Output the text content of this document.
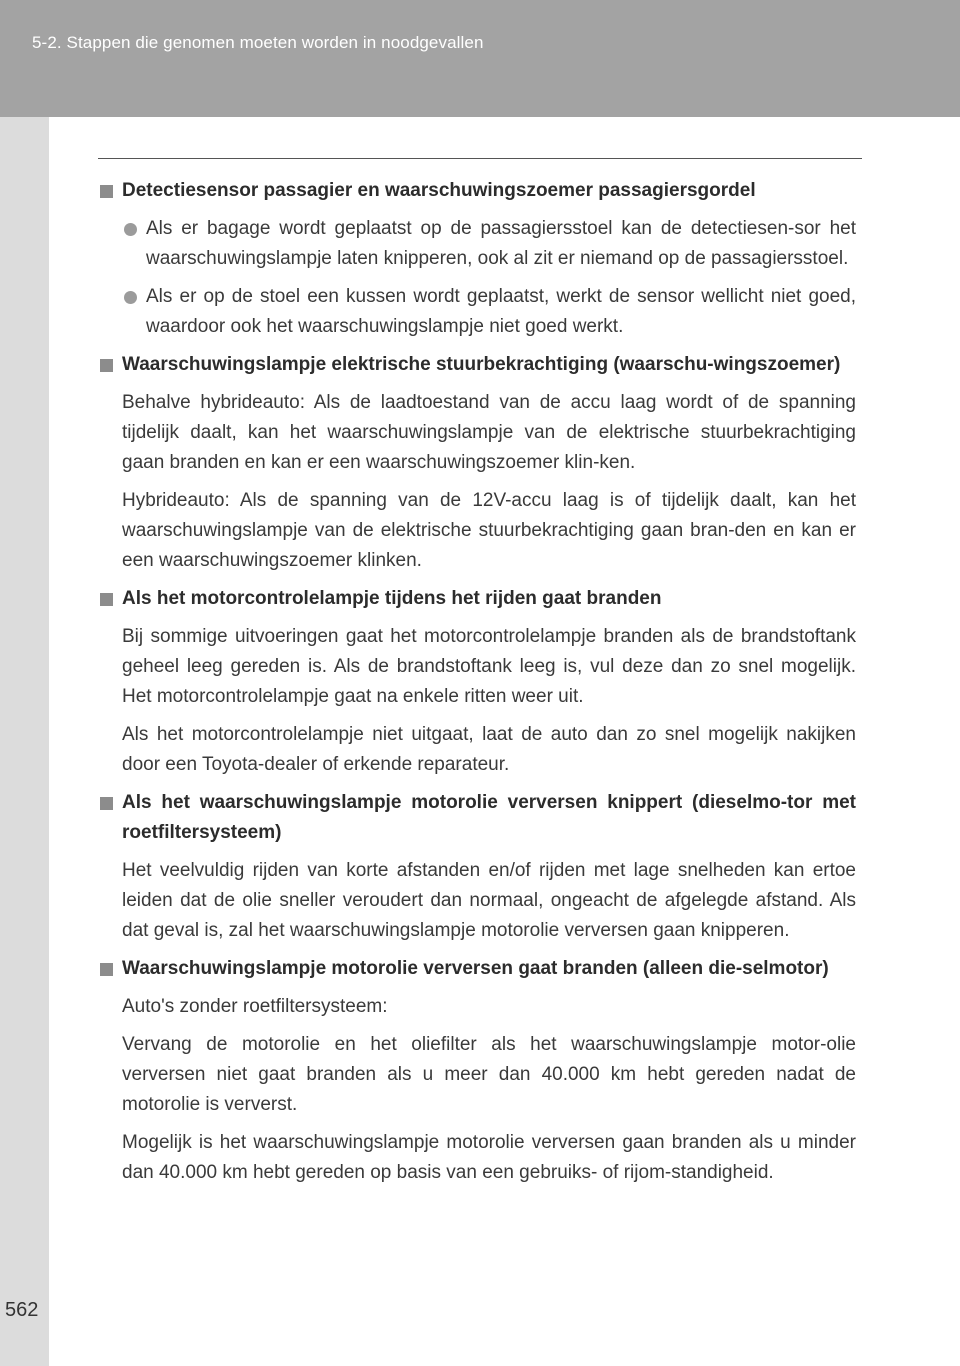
5-2. Stappen die genomen moeten worden in noodgevallen
562
Detectiesensor passagier en waarschuwingszoemer passagiersgordel
Als er bagage wordt geplaatst op de passagiersstoel kan de detectiesen-sor het waarschuwingslampje laten knipperen, ook al zit er niemand op de passagiersstoel.
Als er op de stoel een kussen wordt geplaatst, werkt de sensor wellicht niet goed, waardoor ook het waarschuwingslampje niet goed werkt.
Waarschuwingslampje elektrische stuurbekrachtiging (waarschu-wingszoemer)
Behalve hybrideauto: Als de laadtoestand van de accu laag wordt of de spanning tijdelijk daalt, kan het waarschuwingslampje van de elektrische stuurbekrachtiging gaan branden en kan er een waarschuwingszoemer klin-ken.
Hybrideauto: Als de spanning van de 12V-accu laag is of tijdelijk daalt, kan het waarschuwingslampje van de elektrische stuurbekrachtiging gaan bran-den en kan er een waarschuwingszoemer klinken.
Als het motorcontrolelampje tijdens het rijden gaat branden
Bij sommige uitvoeringen gaat het motorcontrolelampje branden als de brandstoftank geheel leeg gereden is. Als de brandstoftank leeg is, vul deze dan zo snel mogelijk. Het motorcontrolelampje gaat na enkele ritten weer uit.
Als het motorcontrolelampje niet uitgaat, laat de auto dan zo snel mogelijk nakijken door een Toyota-dealer of erkende reparateur.
Als het waarschuwingslampje motorolie verversen knippert (dieselmo-tor met roetfiltersysteem)
Het veelvuldig rijden van korte afstanden en/of rijden met lage snelheden kan ertoe leiden dat de olie sneller veroudert dan normaal, ongeacht de afgelegde afstand. Als dat geval is, zal het waarschuwingslampje motorolie verversen gaan knipperen.
Waarschuwingslampje motorolie verversen gaat branden (alleen die-selmotor)
Auto's zonder roetfiltersysteem:
Vervang de motorolie en het oliefilter als het waarschuwingslampje motor-olie verversen niet gaat branden als u meer dan 40.000 km hebt gereden nadat de motorolie is ververst.
Mogelijk is het waarschuwingslampje motorolie verversen gaan branden als u minder dan 40.000 km hebt gereden op basis van een gebruiks- of rijom-standigheid.
